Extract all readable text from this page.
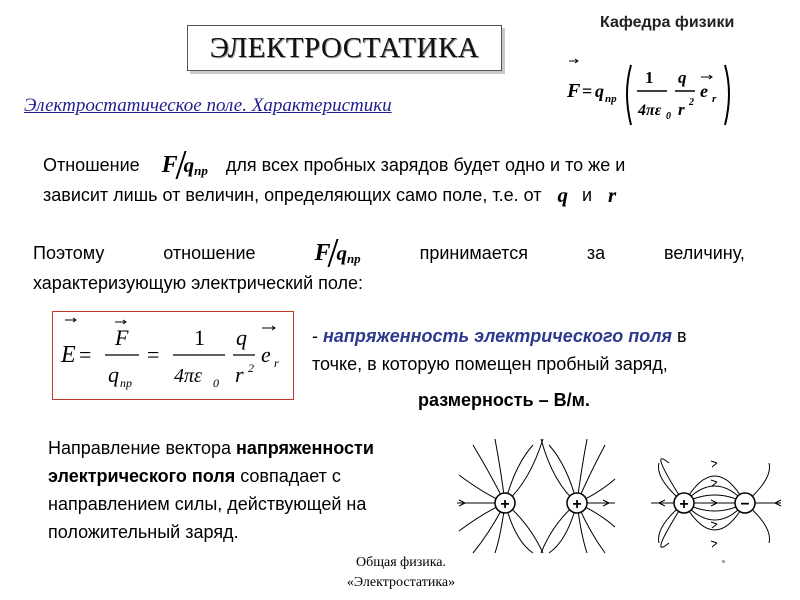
ЭЛЕКТРОСТАТИКА
Кафедра физики
Электростатическое поле. Характеристики
F = q пр
1
4πε 0
q
r 2
e r
Отношение F q пр для всех пробных зарядов будет одно и то же и
зависит лишь от величин, определяющих само поле, т.е. от q и r
Поэтому	отношение F q пр	принимается	за	величину,
характеризующую электрический поле:
E =
F
q пр
=
1
4πε 0
q
r 2
e r
- напряженность электрического поля в
точке, в которую помещен пробный заряд,
размерность – В/м.
Направление вектора напряженности электрического поля совпадает с направлением силы, действующей на положительный заряд.
+	+	+	−
Общая физика.
«Электростатика»
